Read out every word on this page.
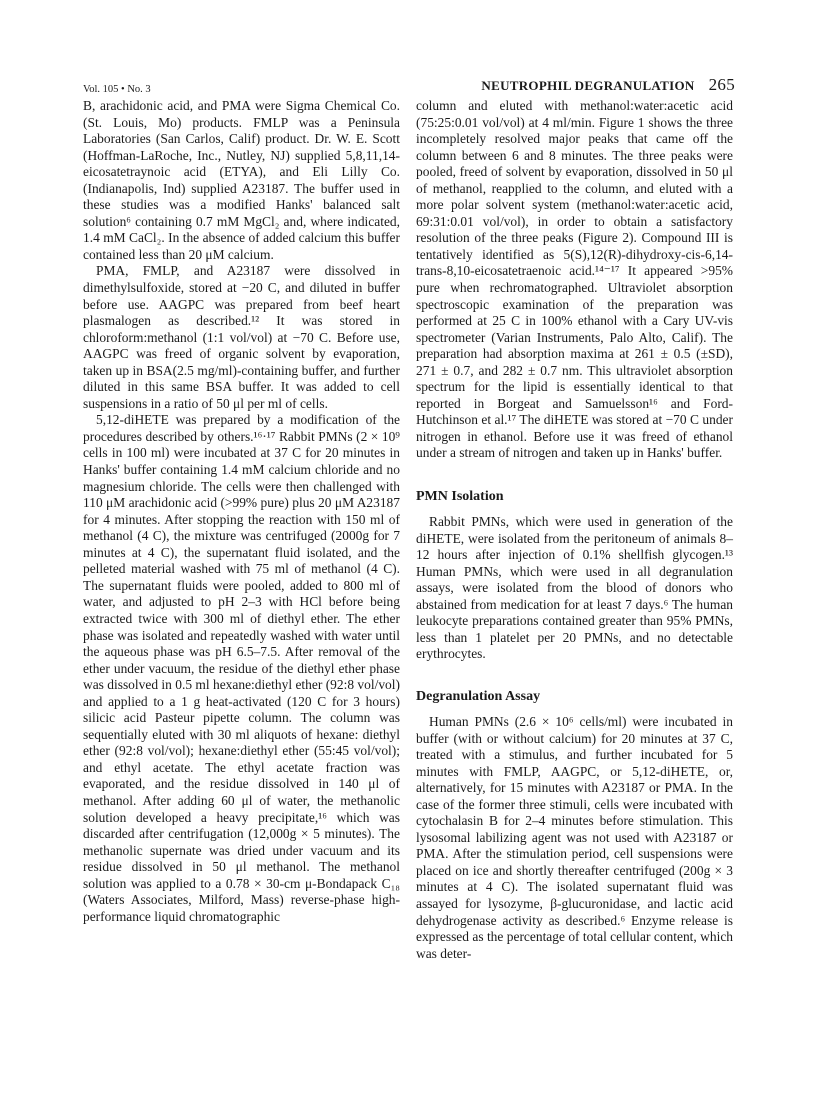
Vol. 105 • No. 3	NEUTROPHIL DEGRANULATION 265

B, arachidonic acid, and PMA were Sigma Chemical Co. (St. Louis, Mo) products. FMLP was a Peninsula Laboratories (San Carlos, Calif) product. Dr. W. E. Scott (Hoffman-LaRoche, Inc., Nutley, NJ) supplied 5,8,11,14-eicosatetraynoic acid (ETYA), and Eli Lilly Co. (Indianapolis, Ind) supplied A23187. The buffer used in these studies was a modified Hanks' balanced salt solution⁶ containing 0.7 mM MgCl₂ and, where indicated, 1.4 mM CaCl₂. In the absence of added calcium this buffer contained less than 20 μM calcium.

PMA, FMLP, and A23187 were dissolved in dimethylsulfoxide, stored at −20 C, and diluted in buffer before use. AAGPC was prepared from beef heart plasmalogen as described.¹² It was stored in chloroform:methanol (1:1 vol/vol) at −70 C. Before use, AAGPC was freed of organic solvent by evaporation, taken up in BSA(2.5 mg/ml)-containing buffer, and further diluted in this same BSA buffer. It was added to cell suspensions in a ratio of 50 μl per ml of cells.

5,12-diHETE was prepared by a modification of the procedures described by others.¹⁶·¹⁷ Rabbit PMNs (2 × 10⁹ cells in 100 ml) were incubated at 37 C for 20 minutes in Hanks' buffer containing 1.4 mM calcium chloride and no magnesium chloride. The cells were then challenged with 110 μM arachidonic acid (>99% pure) plus 20 μM A23187 for 4 minutes. After stopping the reaction with 150 ml of methanol (4 C), the mixture was centrifuged (2000g for 7 minutes at 4 C), the supernatant fluid isolated, and the pelleted material washed with 75 ml of methanol (4 C). The supernatant fluids were pooled, added to 800 ml of water, and adjusted to pH 2–3 with HCl before being extracted twice with 300 ml of diethyl ether. The ether phase was isolated and repeatedly washed with water until the aqueous phase was pH 6.5–7.5. After removal of the ether under vacuum, the residue of the diethyl ether phase was dissolved in 0.5 ml hexane:diethyl ether (92:8 vol/vol) and applied to a 1 g heat-activated (120 C for 3 hours) silicic acid Pasteur pipette column. The column was sequentially eluted with 30 ml aliquots of hexane: diethyl ether (92:8 vol/vol); hexane:diethyl ether (55:45 vol/vol); and ethyl acetate. The ethyl acetate fraction was evaporated, and the residue dissolved in 140 μl of methanol. After adding 60 μl of water, the methanolic solution developed a heavy precipitate,¹⁶ which was discarded after centrifugation (12,000g × 5 minutes). The methanolic supernate was dried under vacuum and its residue dissolved in 50 μl methanol. The methanol solution was applied to a 0.78 × 30-cm μ-Bondapack C₁₈ (Waters Associates, Milford, Mass) reverse-phase high-performance liquid chromatographic

column and eluted with methanol:water:acetic acid (75:25:0.01 vol/vol) at 4 ml/min. Figure 1 shows the three incompletely resolved major peaks that came off the column between 6 and 8 minutes. The three peaks were pooled, freed of solvent by evaporation, dissolved in 50 μl of methanol, reapplied to the column, and eluted with a more polar solvent system (methanol:water:acetic acid, 69:31:0.01 vol/vol), in order to obtain a satisfactory resolution of the three peaks (Figure 2). Compound III is tentatively identified as 5(S),12(R)-dihydroxy-cis-6,14-trans-8,10-eicosatetraenoic acid.¹⁴⁻¹⁷ It appeared >95% pure when rechromatographed. Ultraviolet absorption spectroscopic examination of the preparation was performed at 25 C in 100% ethanol with a Cary UV-vis spectrometer (Varian Instruments, Palo Alto, Calif). The preparation had absorption maxima at 261 ± 0.5 (±SD), 271 ± 0.7, and 282 ± 0.7 nm. This ultraviolet absorption spectrum for the lipid is essentially identical to that reported in Borgeat and Samuelsson¹⁶ and Ford-Hutchinson et al.¹⁷ The diHETE was stored at −70 C under nitrogen in ethanol. Before use it was freed of ethanol under a stream of nitrogen and taken up in Hanks' buffer.

PMN Isolation

Rabbit PMNs, which were used in generation of the diHETE, were isolated from the peritoneum of animals 8–12 hours after injection of 0.1% shellfish glycogen.¹³ Human PMNs, which were used in all degranulation assays, were isolated from the blood of donors who abstained from medication for at least 7 days.⁶ The human leukocyte preparations contained greater than 95% PMNs, less than 1 platelet per 20 PMNs, and no detectable erythrocytes.

Degranulation Assay

Human PMNs (2.6 × 10⁶ cells/ml) were incubated in buffer (with or without calcium) for 20 minutes at 37 C, treated with a stimulus, and further incubated for 5 minutes with FMLP, AAGPC, or 5,12-diHETE, or, alternatively, for 15 minutes with A23187 or PMA. In the case of the former three stimuli, cells were incubated with cytochalasin B for 2–4 minutes before stimulation. This lysosomal labilizing agent was not used with A23187 or PMA. After the stimulation period, cell suspensions were placed on ice and shortly thereafter centrifuged (200g × 3 minutes at 4 C). The isolated supernatant fluid was assayed for lysozyme, β-glucuronidase, and lactic acid dehydrogenase activity as described.⁶ Enzyme release is expressed as the percentage of total cellular content, which was deter-
